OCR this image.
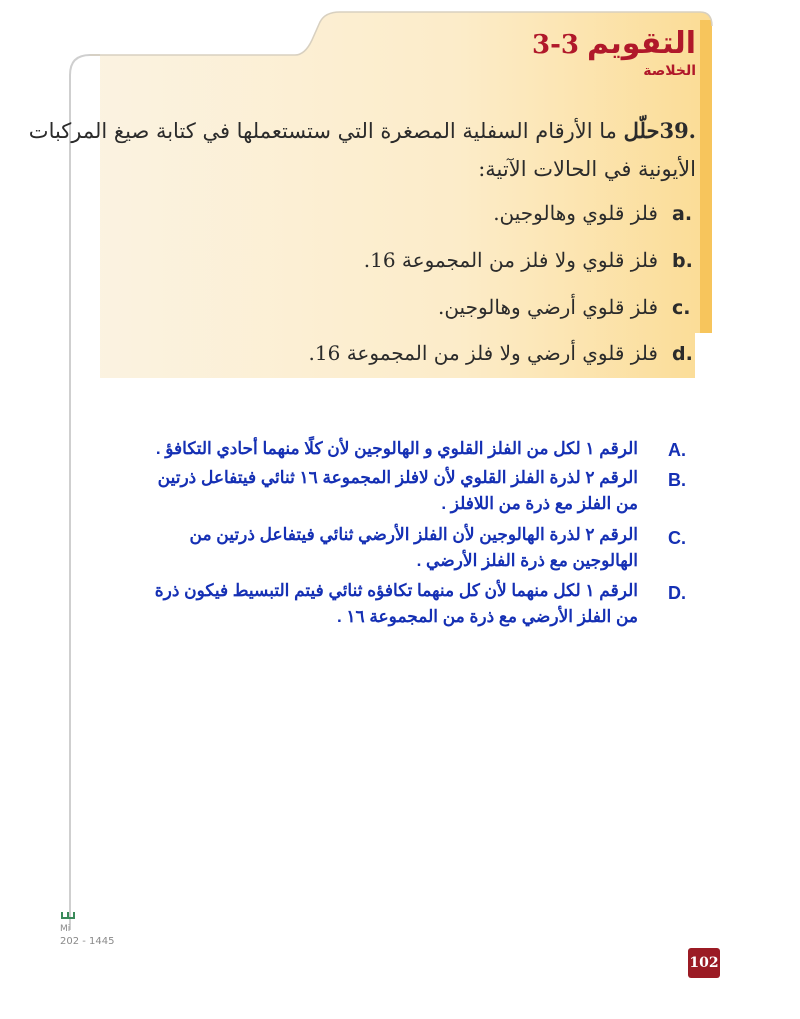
التقويم
3-3
الخلاصة
39.حلّل ما الأرقام السفلية المصغرة التي ستستعملها في كتابة صيغ المركبات
الأيونية في الحالات الآتية:
a.
فلز قلوي وهالوجين.
b.
فلز قلوي ولا فلز من المجموعة 16.
c.
فلز قلوي أرضي وهالوجين.
d.
فلز قلوي أرضي ولا فلز من المجموعة 16.
A.
الرقم ١ لكل من الفلز القلوي و الهالوجين لأن كلًا منهما أحادي التكافؤ .
B.
الرقم ٢ لذرة الفلز القلوي لأن لافلز المجموعة ١٦ ثنائي فيتفاعل ذرتين
من الفلز مع ذرة من اللافلز .
C.
الرقم ٢ لذرة الهالوجين لأن الفلز الأرضي ثنائي فيتفاعل ذرتين من
الهالوجين مع ذرة الفلز الأرضي .
D.
الرقم ١ لكل منهما لأن كل منهما تكافؤه ثنائي فيتم التبسيط فيكون ذرة
من الفلز الأرضي مع ذرة من المجموعة ١٦ .
Mi
202 - 1445
102
